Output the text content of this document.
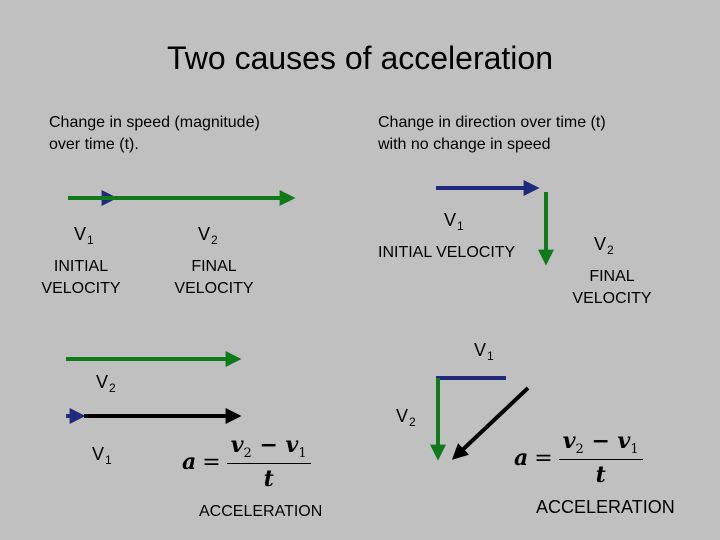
Two causes of acceleration
Change in speed (magnitude)
over time (t).
Change in direction over time (t)
with no change in speed
$V_1$	$V_2$
INITIAL
VELOCITY
FINAL
VELOCITY
$V_2$
$V_1$	$a = \frac{v_2 - v_1}{t}$
ACCELERATION
$V_1$
INITIAL VELOCITY	$V_2$
FINAL
VELOCITY
$V_1$
$V_2$
$a = \frac{v_2 - v_1}{t}$
ACCELERATION
